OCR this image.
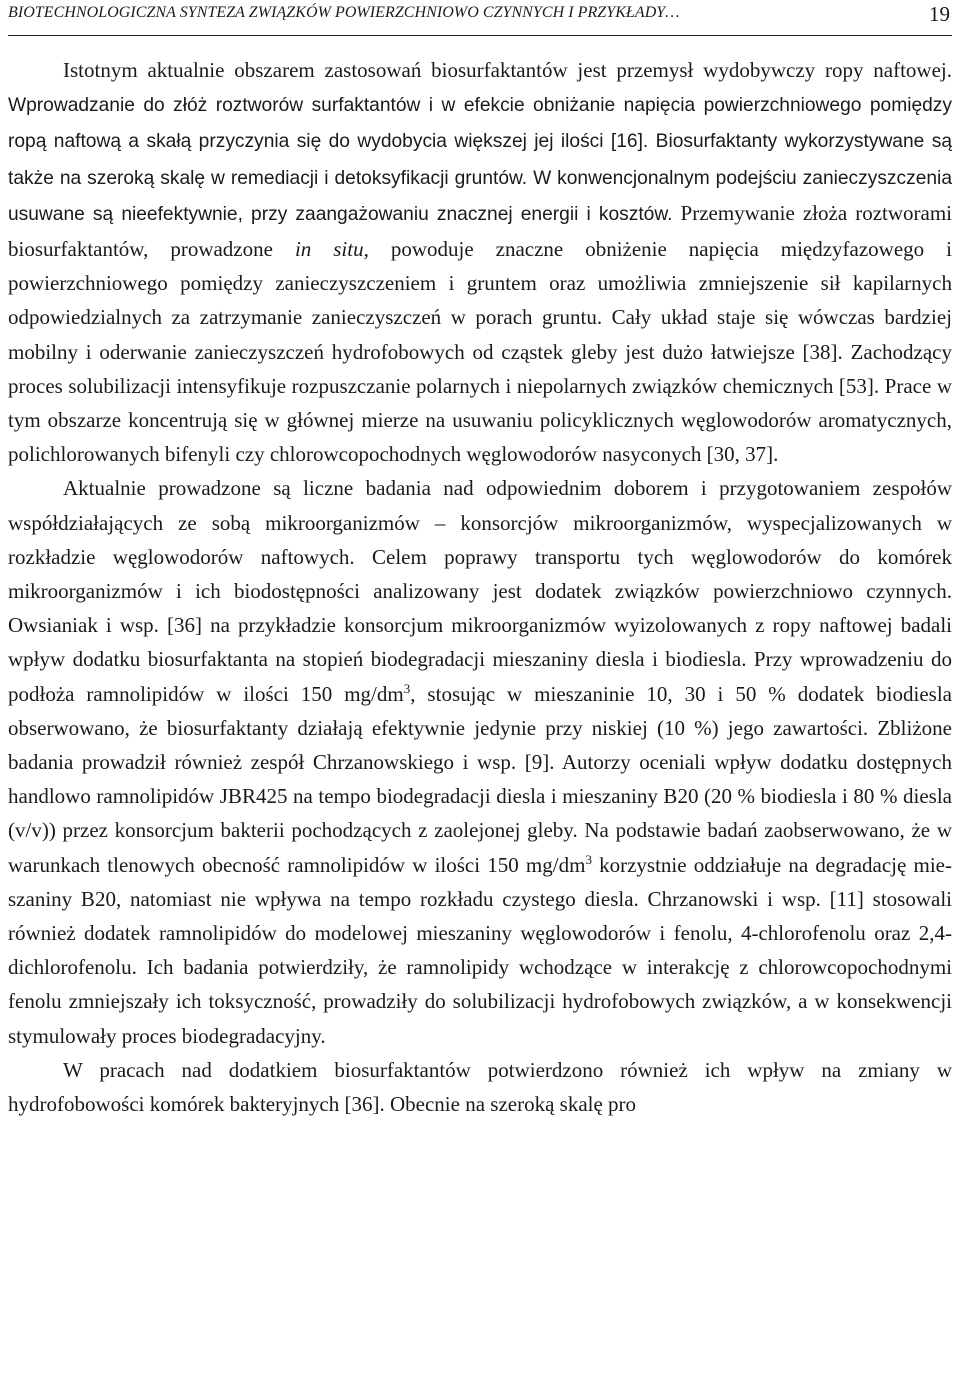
BIOTECHNOLOGICZNA SYNTEZA ZWIĄZKÓW POWIERZCHNIOWO CZYNNYCH I PRZYKŁADY…	19

Istotnym aktualnie obszarem zastosowań biosurfaktantów jest przemysł wydobywczy ropy naftowej. Wprowadzanie do złóż roztworów surfaktantów i w efekcie obniżanie napięcia powierzchniowego pomiędzy ropą naftową a skałą przyczynia się do wydobycia większej jej ilości [16]. Biosurfaktanty wykorzystywane są także na szeroką skalę w remediacji i detoksyfikacji gruntów. W konwencjonalnym podejściu zanieczyszczenia usuwane są nieefektywnie, przy zaangażowaniu znacznej energii i kosztów. Przemywanie złoża roztworami biosurfaktantów, prowadzone in situ, powoduje znaczne obniżenie napięcia międzyfazowego i powierzchniowego pomiędzy zanieczyszczeniem i gruntem oraz umożliwia zmniejszenie sił kapilarnych odpowiedzialnych za zatrzymanie zanieczyszczeń w porach gruntu. Cały układ staje się wówczas bardziej mobilny i oderwanie zanieczyszczeń hydrofobowych od cząstek gleby jest dużo łatwiejsze [38]. Zachodzący proces solubilizacji intensyfikuje rozpuszczanie polarnych i niepolarnych związków chemicznych [53]. Prace w tym obszarze koncentrują się w głównej mierze na usuwaniu policyklicznych węglowodorów aromatycznych, polichlorowanych bifenyli czy chlorowcopochodnych węglowodorów nasyconych [30, 37].

Aktualnie prowadzone są liczne badania nad odpowiednim doborem i przygotowaniem zespołów współdziałających ze sobą mikroorganizmów – konsorcjów mikroorganizmów, wyspecjalizowanych w rozkładzie węglowodorów naftowych. Celem poprawy transportu tych węglowodorów do komórek mikroorganizmów i ich biodostępności analizowany jest dodatek związków powierzchniowo czynnych. Owsianiak i wsp. [36] na przykładzie konsorcjum mikroorganizmów wyizolowanych z ropy naftowej badali wpływ dodatku biosurfaktanta na stopień biodegradacji mieszaniny diesla i biodiesla. Przy wprowadzeniu do podłoża ramnolipidów w ilości 150 $mg/dm^3$, stosując w mieszaninie 10, 30 i 50 % dodatek biodiesla obserwowano, że biosurfaktanty działają efektywnie jedynie przy niskiej (10 %) jego zawartości. Zbliżone badania prowadził również zespół Chrzanowskiego i wsp. [9]. Autorzy oceniali wpływ dodatku dostępnych handlowo ramnolipidów JBR425 na tempo biodegradacji diesla i mieszaniny B20 (20 % biodiesla i 80 % diesla (v/v)) przez konsorcjum bakterii pochodzących z zaolejonej gleby. Na podstawie badań zaobserwowano, że w warunkach tlenowych obecność ramnolipidów w ilości 150 $mg/dm^3$ korzystnie oddziałuje na degradację mieszaniny B20, natomiast nie wpływa na tempo rozkładu czystego diesla. Chrzanowski i wsp. [11] stosowali również dodatek ramnolipidów do modelowej mieszaniny węglowodorów i fenolu, 4-chlorofenolu oraz 2,4-dichlorofenolu. Ich badania potwierdziły, że ramnolipidy wchodzące w interakcję z chlorowcopochodnymi fenolu zmniejszały ich toksyczność, prowadziły do solubilizacji hydrofobowych związków, a w konsekwencji stymulowały proces biodegradacyjny.

W pracach nad dodatkiem biosurfaktantów potwierdzono również ich wpływ na zmiany w hydrofobowości komórek bakteryjnych [36]. Obecnie na szeroką skalę pro
